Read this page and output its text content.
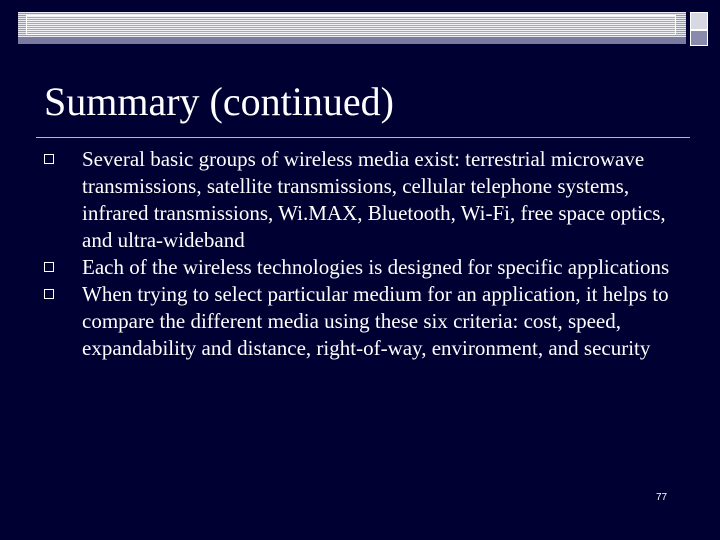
Summary (continued)
Several basic groups of wireless media exist: terrestrial microwave transmissions, satellite transmissions, cellular telephone systems, infrared transmissions, Wi.MAX, Bluetooth, Wi-Fi, free space optics, and ultra-wideband
Each of the wireless technologies is designed for specific applications
When trying to select particular medium for an application, it helps to compare the different media using these six criteria: cost, speed, expandability and distance, right-of-way, environment, and security
77
